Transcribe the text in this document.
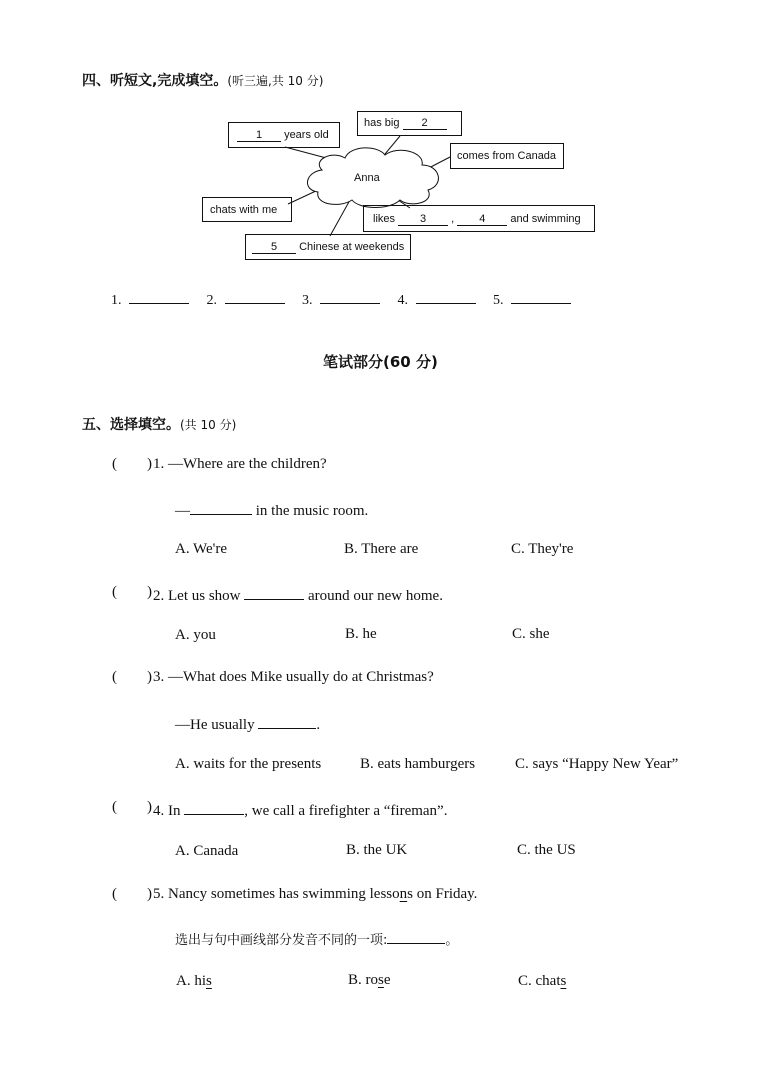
四、听短文,完成填空。(听三遍,共 10 分)
Anna
1 years old
has big 2
comes from Canada
chats with me
likes 3 , 4 and swimming
5 Chinese at weekends
1.	2.	3.	4.	5.
笔试部分(60 分)
五、选择填空。(共 10 分)
( ) 1. —Where are the children?
—	in the music room.
A. We're	B. There are	C. They're
( ) 2. Let us show	around our new home.
A. you	B. he	C. she
( ) 3. —What does Mike usually do at Christmas?
—He usually	.
A. waits for the presents	B. eats hamburgers	C. says “Happy New Year”
( ) 4. In	, we call a firefighter a “fireman”.
A. Canada	B. the UK	C. the US
( ) 5. Nancy sometimes has swimming lessons on Friday.
选出与句中画线部分发音不同的一项:	。
A. his	B. rose	C. chats
